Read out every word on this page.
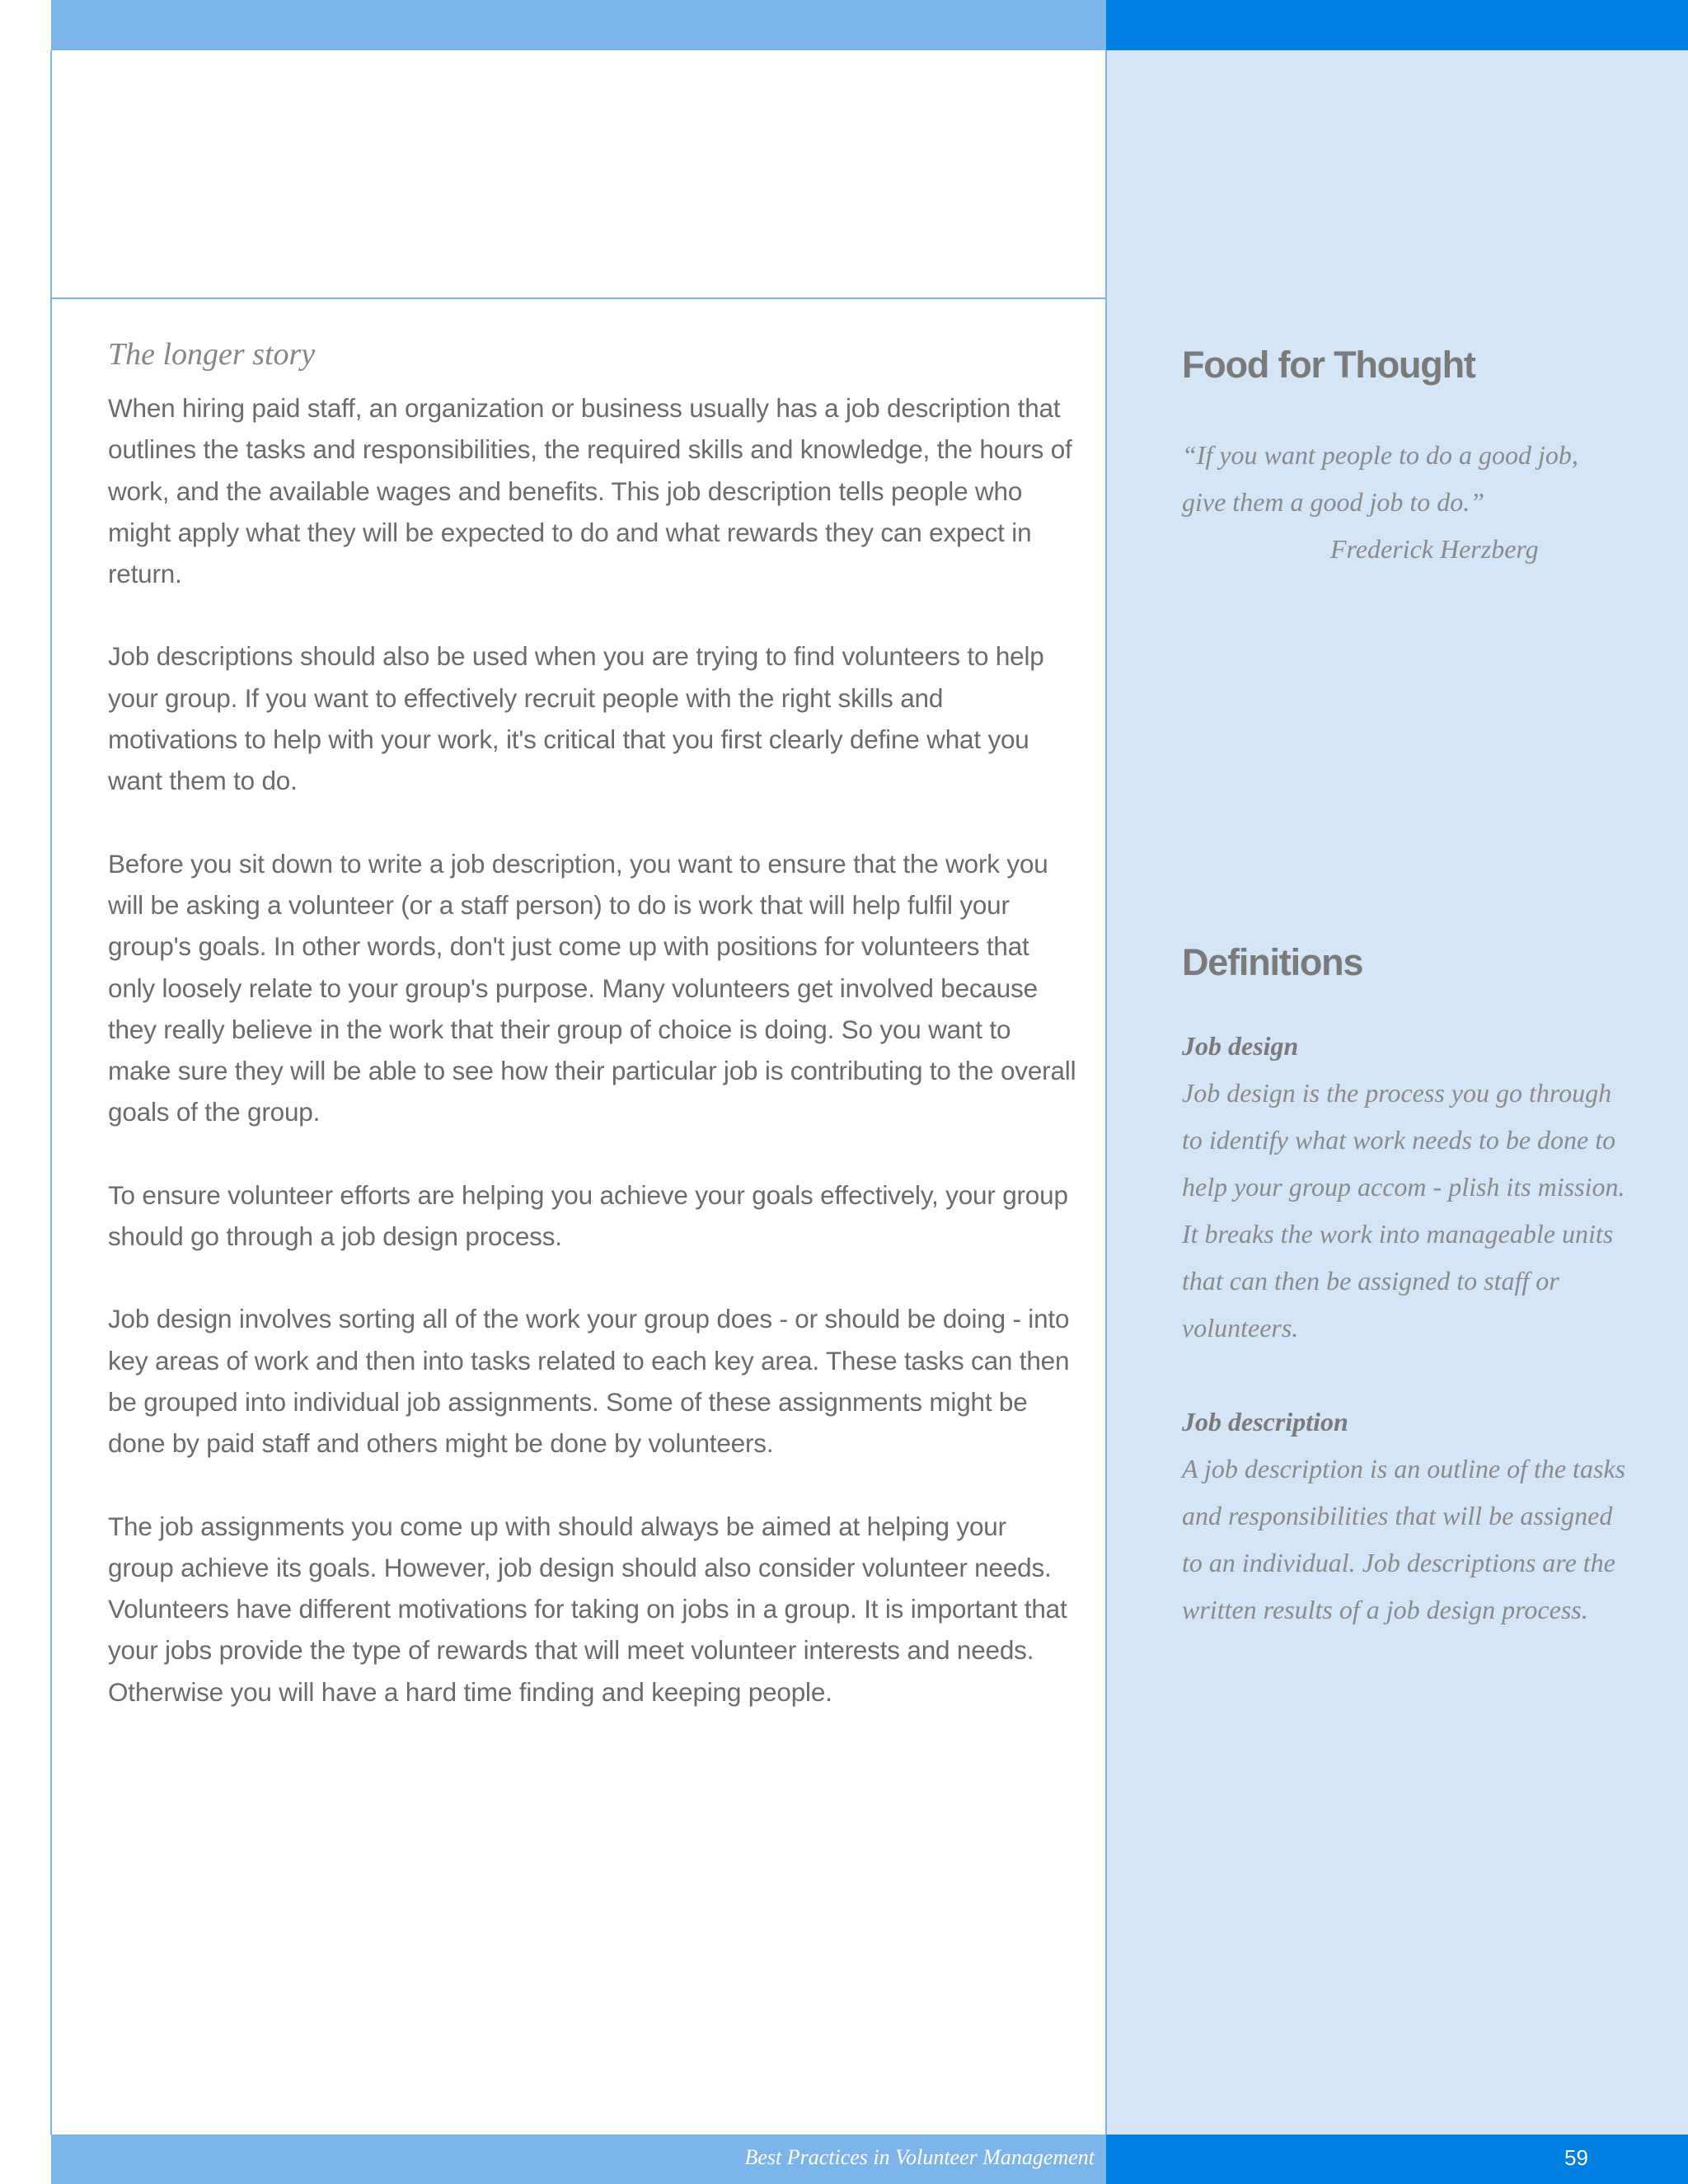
The longer story

When hiring paid staff, an organization or business usually has a job description that outlines the tasks and responsibilities, the required skills and knowledge, the hours of work, and the available wages and benefits. This job description tells people who might apply what they will be expected to do and what rewards they can expect in return.

Job descriptions should also be used when you are trying to find volunteers to help your group. If you want to effectively recruit people with the right skills and motivations to help with your work, it's critical that you first clearly define what you want them to do.

Before you sit down to write a job description, you want to ensure that the work you will be asking a volunteer (or a staff person) to do is work that will help fulfil your group's goals. In other words, don't just come up with positions for volunteers that only loosely relate to your group's purpose. Many volunteers get involved because they really believe in the work that their group of choice is doing. So you want to make sure they will be able to see how their particular job is contributing to the overall goals of the group.

To ensure volunteer efforts are helping you achieve your goals effectively, your group should go through a job design process.

Job design involves sorting all of the work your group does - or should be doing - into key areas of work and then into tasks related to each key area. These tasks can then be grouped into individual job assignments. Some of these assignments might be done by paid staff and others might be done by volunteers.

The job assignments you come up with should always be aimed at helping your group achieve its goals. However, job design should also consider volunteer needs. Volunteers have different motivations for taking on jobs in a group. It is important that your jobs provide the type of rewards that will meet volunteer interests and needs. Otherwise you will have a hard time finding and keeping people.

Food for Thought

“If you want people to do a good job,

give them a good job to do.”

Frederick Herzberg

Definitions

Job design

Job design is the process you go through to identify what work needs to be done to help your group accom - plish its mission. It breaks the work into manageable units that can then be assigned to staff or volunteers.

Job description

A job description is an outline of the tasks and responsibilities that will be assigned to an individual. Job descriptions are the written results of a job design process.

Best Practices in Volunteer Management	59
